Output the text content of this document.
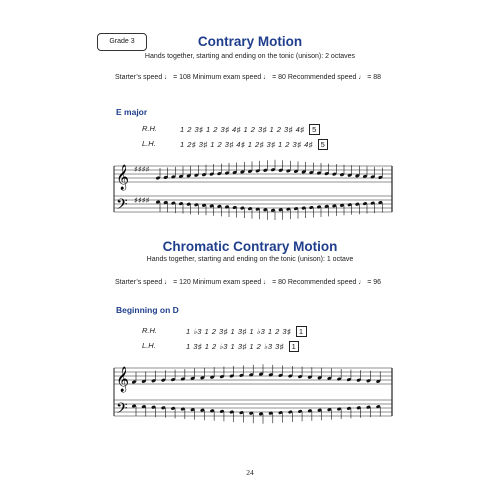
Grade 3	Contrary Motion
Hands together, starting and ending on the tonic (unison): 2 octaves
Starter’s speed ♩ = 108 Minimum exam speed ♩ = 80 Recommended speed ♩ = 88
E major
R.H.	1 2 3♯ 1 2 3♯ 4♯ 1 2 3♯ 1 2 3♯ 4♯ 5
L.H.	1 2♯ 3♯ 1 2 3♯ 4♯ 1 2♯ 3♯ 1 2 3♯ 4♯ 5
𝄞
𝄢
♯♯♯♯
♯♯♯♯
Chromatic Contrary Motion
Hands together, starting and ending on the tonic (unison): 1 octave
Starter’s speed ♩ = 120 Minimum exam speed ♩ = 80 Recommended speed ♩ = 96
Beginning on D
R.H.	1 ♭3 1 2 3♯ 1 3♯ 1 ♭3 1 2 3♯ 1
L.H.	1 3♯ 1 2 ♭3 1 3♯ 1 2 ♭3 3♯ 1
𝄞
𝄢
24
